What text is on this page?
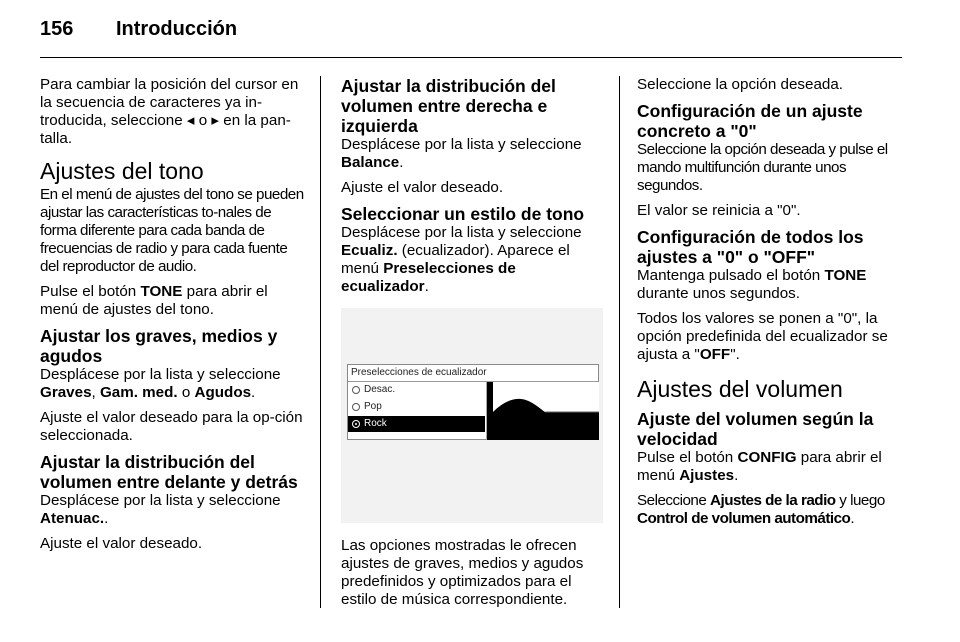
156	Introducción

Para cambiar la posición del cursor en la secuencia de caracteres ya in-troducida, seleccione ◂ o ▸ en la pan-talla.

Ajustes del tono

En el menú de ajustes del tono se pueden ajustar las características to-nales de forma diferente para cada banda de frecuencias de radio y para cada fuente del reproductor de audio.

Pulse el botón TONE para abrir el menú de ajustes del tono.

Ajustar los graves, medios y agudos

Desplácese por la lista y seleccione Graves, Gam. med. o Agudos.

Ajuste el valor deseado para la op-ción seleccionada.

Ajustar la distribución del volumen entre delante y detrás

Desplácese por la lista y seleccione Atenuac..

Ajuste el valor deseado.

Ajustar la distribución del volumen entre derecha e izquierda

Desplácese por la lista y seleccione Balance.

Ajuste el valor deseado.

Seleccionar un estilo de tono

Desplácese por la lista y seleccione Ecualiz. (ecualizador). Aparece el menú Preselecciones de ecualizador.

Preselecciones de ecualizador
Desac.
Pop
Rock

Las opciones mostradas le ofrecen ajustes de graves, medios y agudos predefinidos y optimizados para el estilo de música correspondiente.

Seleccione la opción deseada.

Configuración de un ajuste concreto a "0"

Seleccione la opción deseada y pulse el mando multifunción durante unos segundos.

El valor se reinicia a "0".

Configuración de todos los ajustes a "0" o "OFF"

Mantenga pulsado el botón TONE durante unos segundos.

Todos los valores se ponen a "0", la opción predefinida del ecualizador se ajusta a "OFF".

Ajustes del volumen
Ajuste del volumen según la velocidad

Pulse el botón CONFIG para abrir el menú Ajustes.

Seleccione Ajustes de la radio y luego Control de volumen automático.
